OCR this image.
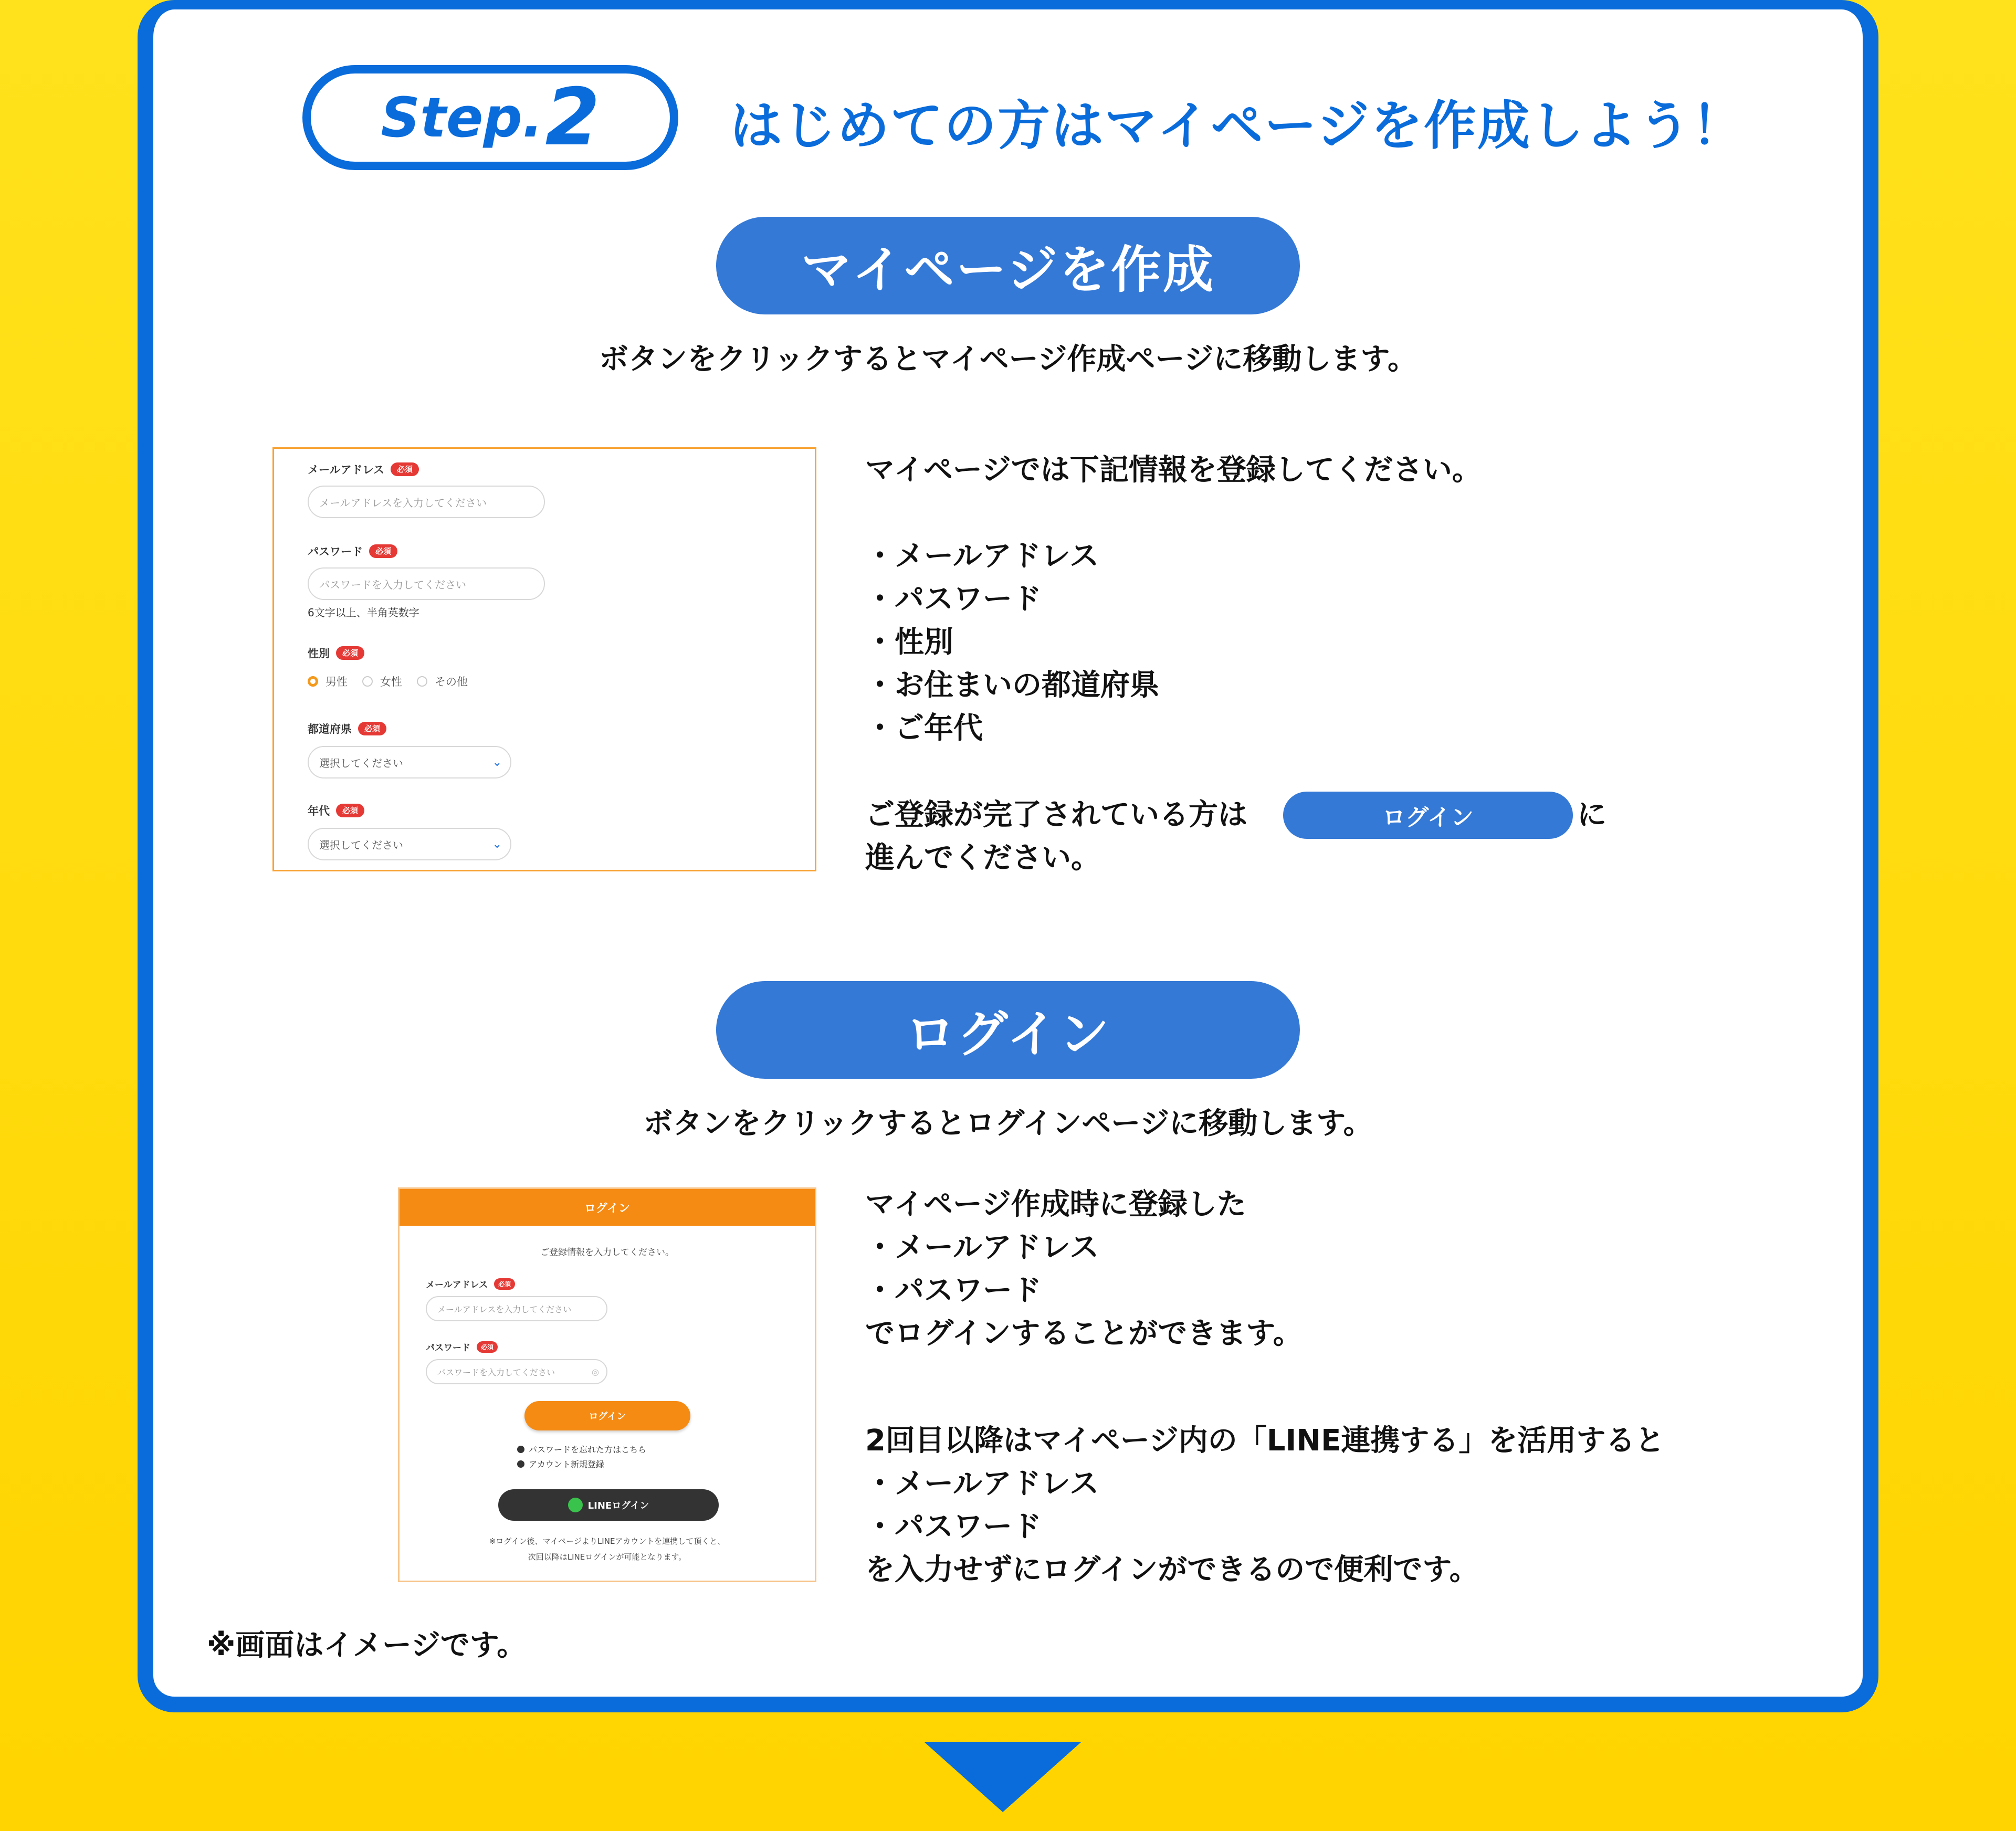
Step. 2 はじめての方はマイページを作成しよう！
マイページを作成
ボタンをクリックするとマイページ作成ページに移動します。
メールアドレス	必須
メールアドレスを入力してください
パスワード	必須
パスワードを入力してください
6文字以上、半角英数字
性別	必須
男性	女性	その他
都道府県	必須
選択してください	⌄
年代	必須
選択してください	⌄
マイページでは下記情報を登録してください。
・メールアドレス
・パスワード
・性別
・お住まいの都道府県
・ご年代
ご登録が完了されている方は	ログイン	に
進んでください。
ログイン
ボタンをクリックするとログインページに移動します。
ログイン
ご登録情報を入力してください。
メールアドレス	必須
メールアドレスを入力してください
パスワード	必須
パスワードを入力してください	◎
ログイン
パスワードを忘れた方はこちら
アカウント新規登録
LINEログイン
※ログイン後、マイページよりLINEアカウントを連携して頂くと、
次回以降はLINEログインが可能となります。
マイページ作成時に登録した
・メールアドレス
・パスワード
でログインすることができます。
2回目以降はマイページ内の「LINE連携する」を活用すると
・メールアドレス
・パスワード
を入力せずにログインができるので便利です。
※画面はイメージです。
